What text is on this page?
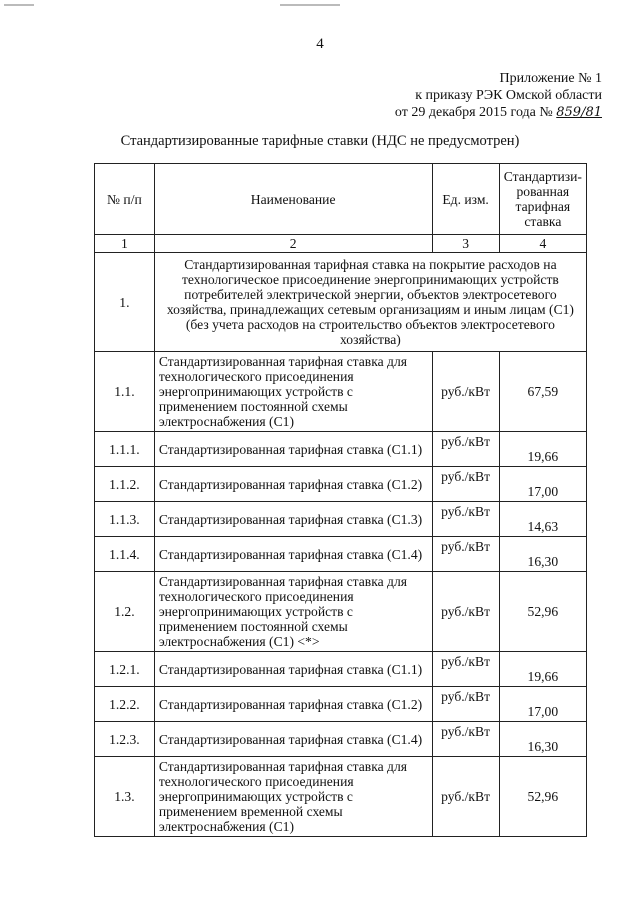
4
Приложение № 1
к приказу РЭК Омской области
от 29 декабря 2015 года № 859/81
Стандартизированные тарифные ставки (НДС не предусмотрен)
№ п/п	Наименование	Ед. изм.	Стандартизи-рованная тарифная ставка
1	2	3	4
1.	Стандартизированная тарифная ставка на покрытие расходов на технологическое присоединение энергопринимающих устройств потребителей электрической энергии, объектов электросетевого хозяйства, принадлежащих сетевым организациям и иным лицам (С1) (без учета расходов на строительство объектов электросетевого хозяйства)		
1.1.	Стандартизированная тарифная ставка для технологического присоединения энергопринимающих устройств с применением постоянной схемы электроснабжения (С1)	руб./кВт	67,59
1.1.1.	Стандартизированная тарифная ставка (С1.1)	руб./кВт	19,66
1.1.2.	Стандартизированная тарифная ставка (С1.2)	руб./кВт	17,00
1.1.3.	Стандартизированная тарифная ставка (С1.3)	руб./кВт	14,63
1.1.4.	Стандартизированная тарифная ставка (С1.4)	руб./кВт	16,30
1.2.	Стандартизированная тарифная ставка для технологического присоединения энергопринимающих устройств с применением постоянной схемы электроснабжения (С1) <*>	руб./кВт	52,96
1.2.1.	Стандартизированная тарифная ставка (С1.1)	руб./кВт	19,66
1.2.2.	Стандартизированная тарифная ставка (С1.2)	руб./кВт	17,00
1.2.3.	Стандартизированная тарифная ставка (С1.4)	руб./кВт	16,30
1.3.	Стандартизированная тарифная ставка для технологического присоединения энергопринимающих устройств с применением временной схемы электроснабжения (С1)	руб./кВт	52,96
